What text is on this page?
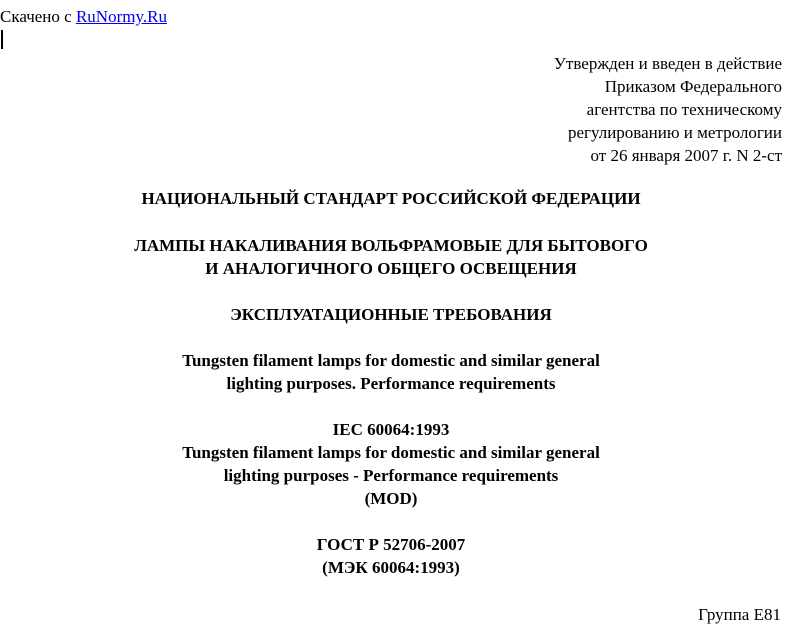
Скачено с RuNormy.Ru
Утвержден и введен в действие
Приказом Федерального
агентства по техническому
регулированию и метрологии
от 26 января 2007 г. N 2-ст
НАЦИОНАЛЬНЫЙ СТАНДАРТ РОССИЙСКОЙ ФЕДЕРАЦИИ
ЛАМПЫ НАКАЛИВАНИЯ ВОЛЬФРАМОВЫЕ ДЛЯ БЫТОВОГО
И АНАЛОГИЧНОГО ОБЩЕГО ОСВЕЩЕНИЯ
ЭКСПЛУАТАЦИОННЫЕ ТРЕБОВАНИЯ
Tungsten filament lamps for domestic and similar general
lighting purposes. Performance requirements
IEC 60064:1993
Tungsten filament lamps for domestic and similar general
lighting purposes - Performance requirements
(MOD)
ГОСТ Р 52706-2007
(МЭК 60064:1993)
Группа Е81
